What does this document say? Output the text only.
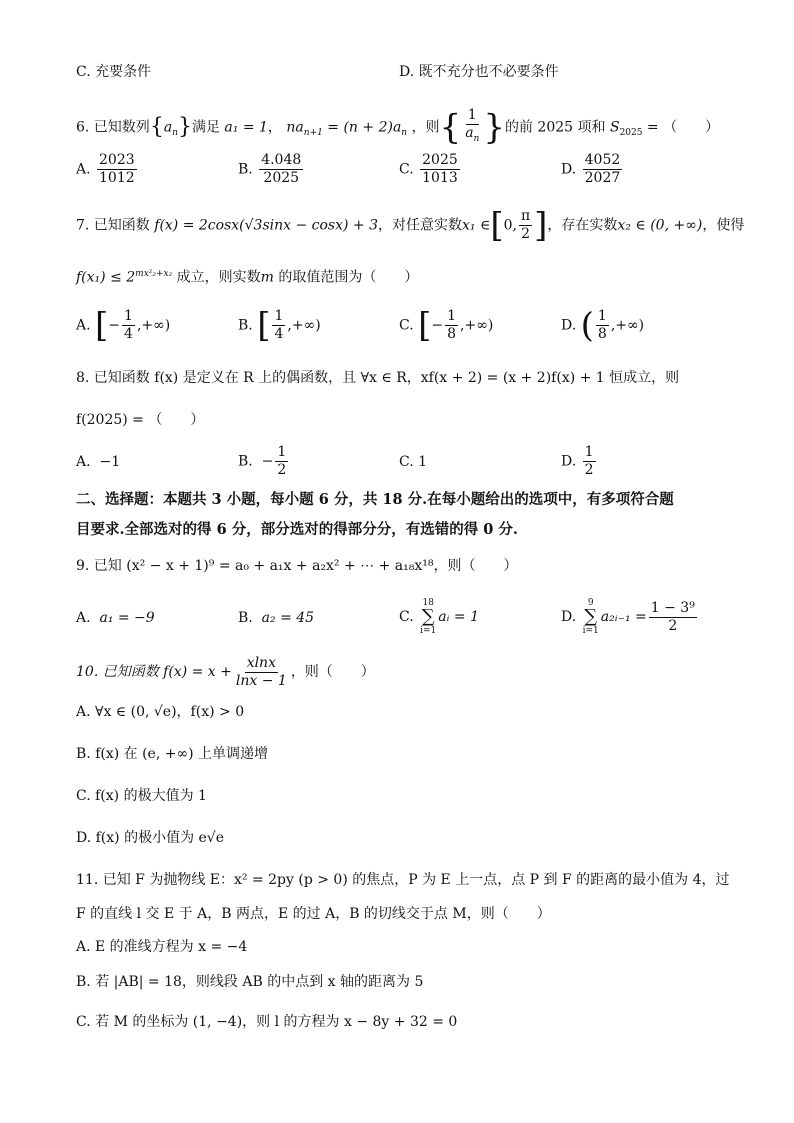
C. 充要条件	D. 既不充分也不必要条件
6. 已知数列$\{a_n\}$满足 a₁ = 1， $na_{n+1} = (n + 2)a_n$ ，则{ $\frac{1}{a_n}$ }的前 2025 项和 $S_{2025}$ = （　　）
A. $\frac{2023}{1012}$	B. $\frac{4.048}{2025}$	C. $\frac{2025}{1013}$	D. $\frac{4052}{2027}$
7. 已知函数 f(x) = 2cosx(√3sinx − cosx) + 3，对任意实数x₁ ∈[0, $\frac{\pi}{2}$ ]，存在实数x₂ ∈ (0, +∞)，使得
$f(x_1) \le 2^{mx^2_2+x_2}$ 成立，则实数m 的取值范围为（　　）
A. [− $\frac{1}{4}$ ,+∞)	B. [ $\frac{1}{4}$ ,+∞)	C. [− $\frac{1}{8}$ ,+∞)	D. ( $\frac{1}{8}$ ,+∞)
8. 已知函数 f(x) 是定义在 R 上的偶函数，且 ∀x ∈ R，xf(x + 2) = (x + 2)f(x) + 1 恒成立，则
f(2025) = （　　）
A. −1	B. − $\frac{1}{2}$	C. 1	D. $\frac{1}{2}$
二、选择题：本题共 3 小题，每小题 6 分，共 18 分.在每小题给出的选项中，有多项符合题
目要求.全部选对的得 6 分，部分选对的得部分分，有选错的得 0 分.
9. 已知 (x² − x + 1)⁹ = a₀ + a₁x + a₂x² + ⋯ + a₁₈x¹⁸，则（　　）
A. a₁ = −9	B. a₂ = 45	C.
18
∑
i=1
aᵢ = 1	D.
9
∑
i=1
a₂ᵢ₋₁ = $\frac{\text{1 − 3⁹}}{2}$
10. 已知函数 $f(x) = x + \frac{xlnx}{\ln x - 1}$ ，则（　　）
A. ∀x ∈ (0, √e)，f(x) > 0
B. f(x) 在 (e, +∞) 上单调递增
C. f(x) 的极大值为 1
D. f(x) 的极小值为 e√e
11. 已知 F 为抛物线 E：x² = 2py (p > 0) 的焦点，P 为 E 上一点，点 P 到 F 的距离的最小值为 4，过
F 的直线 l 交 E 于 A，B 两点，E 的过 A，B 的切线交于点 M，则（　　）
A. E 的准线方程为 x = −4
B. 若 |AB| = 18，则线段 AB 的中点到 x 轴的距离为 5
C. 若 M 的坐标为 (1, −4)，则 l 的方程为 x − 8y + 32 = 0
